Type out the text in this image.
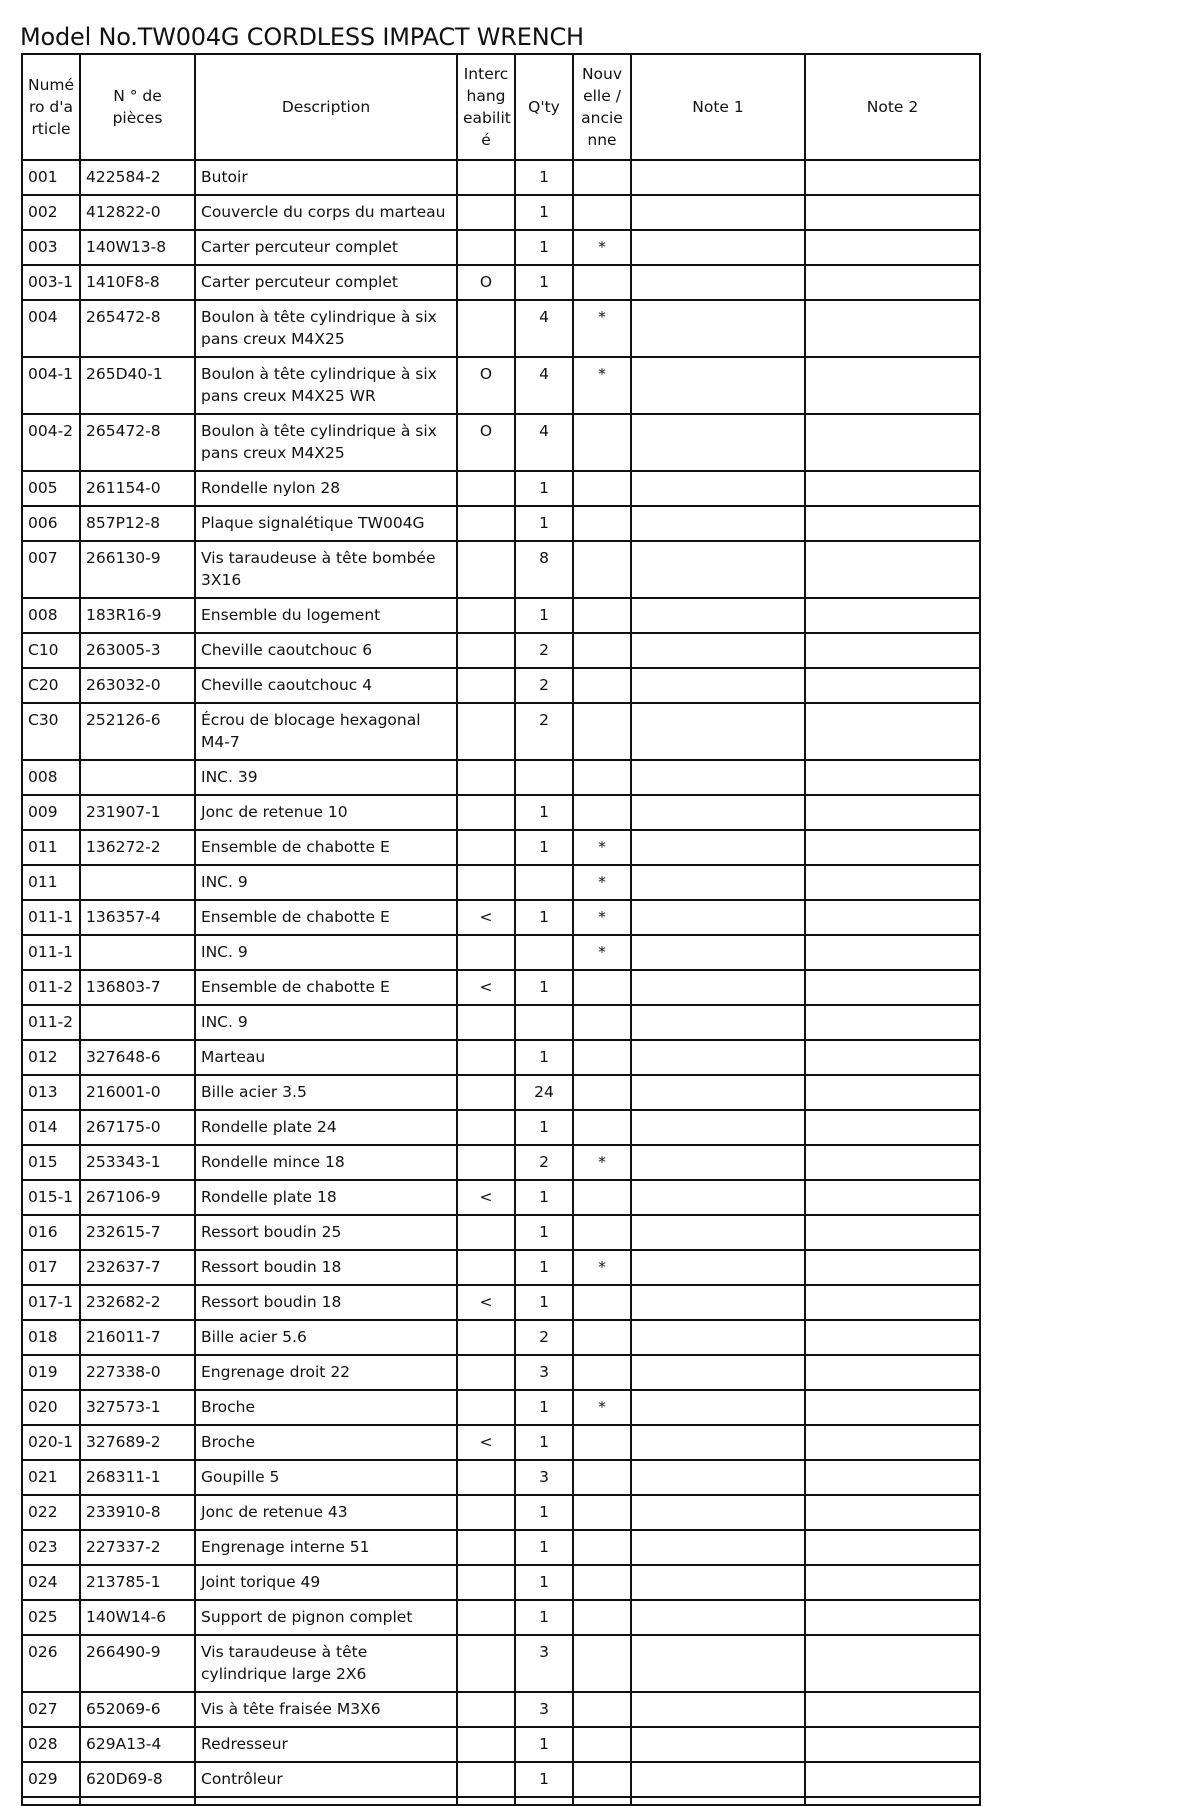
Model No.TW004G CORDLESS IMPACT WRENCH
Numé ro d'a rticle	N ° de pièces	Description	Interc hang eabilit é	Q'ty	Nouv elle / ancie nne	Note 1	Note 2
001	422584-2	Butoir		1			
002	412822-0	Couvercle du corps du marteau		1			
003	140W13-8	Carter percuteur complet		1	*		
003-1	1410F8-8	Carter percuteur complet	O	1			
004	265472-8	Boulon à tête cylindrique à six pans creux M4X25		4	*		
004-1	265D40-1	Boulon à tête cylindrique à six pans creux M4X25 WR	O	4	*		
004-2	265472-8	Boulon à tête cylindrique à six pans creux M4X25	O	4			
005	261154-0	Rondelle nylon 28		1			
006	857P12-8	Plaque signalétique TW004G		1			
007	266130-9	Vis taraudeuse à tête bombée 3X16		8			
008	183R16-9	Ensemble du logement		1			
C10	263005-3	Cheville caoutchouc 6		2			
C20	263032-0	Cheville caoutchouc 4		2			
C30	252126-6	Écrou de blocage hexagonal M4-7		2			
008		INC. 39					
009	231907-1	Jonc de retenue 10		1			
011	136272-2	Ensemble de chabotte E		1	*		
011		INC. 9			*		
011-1	136357-4	Ensemble de chabotte E	<	1	*		
011-1		INC. 9			*		
011-2	136803-7	Ensemble de chabotte E	<	1			
011-2		INC. 9					
012	327648-6	Marteau		1			
013	216001-0	Bille acier 3.5		24			
014	267175-0	Rondelle plate 24		1			
015	253343-1	Rondelle mince 18		2	*		
015-1	267106-9	Rondelle plate 18	<	1			
016	232615-7	Ressort boudin 25		1			
017	232637-7	Ressort boudin 18		1	*		
017-1	232682-2	Ressort boudin 18	<	1			
018	216011-7	Bille acier 5.6		2			
019	227338-0	Engrenage droit 22		3			
020	327573-1	Broche		1	*		
020-1	327689-2	Broche	<	1			
021	268311-1	Goupille 5		3			
022	233910-8	Jonc de retenue 43		1			
023	227337-2	Engrenage interne 51		1			
024	213785-1	Joint torique 49		1			
025	140W14-6	Support de pignon complet		1			
026	266490-9	Vis taraudeuse à tête cylindrique large 2X6		3			
027	652069-6	Vis à tête fraisée M3X6		3			
028	629A13-4	Redresseur		1			
029	620D69-8	Contrôleur		1			
